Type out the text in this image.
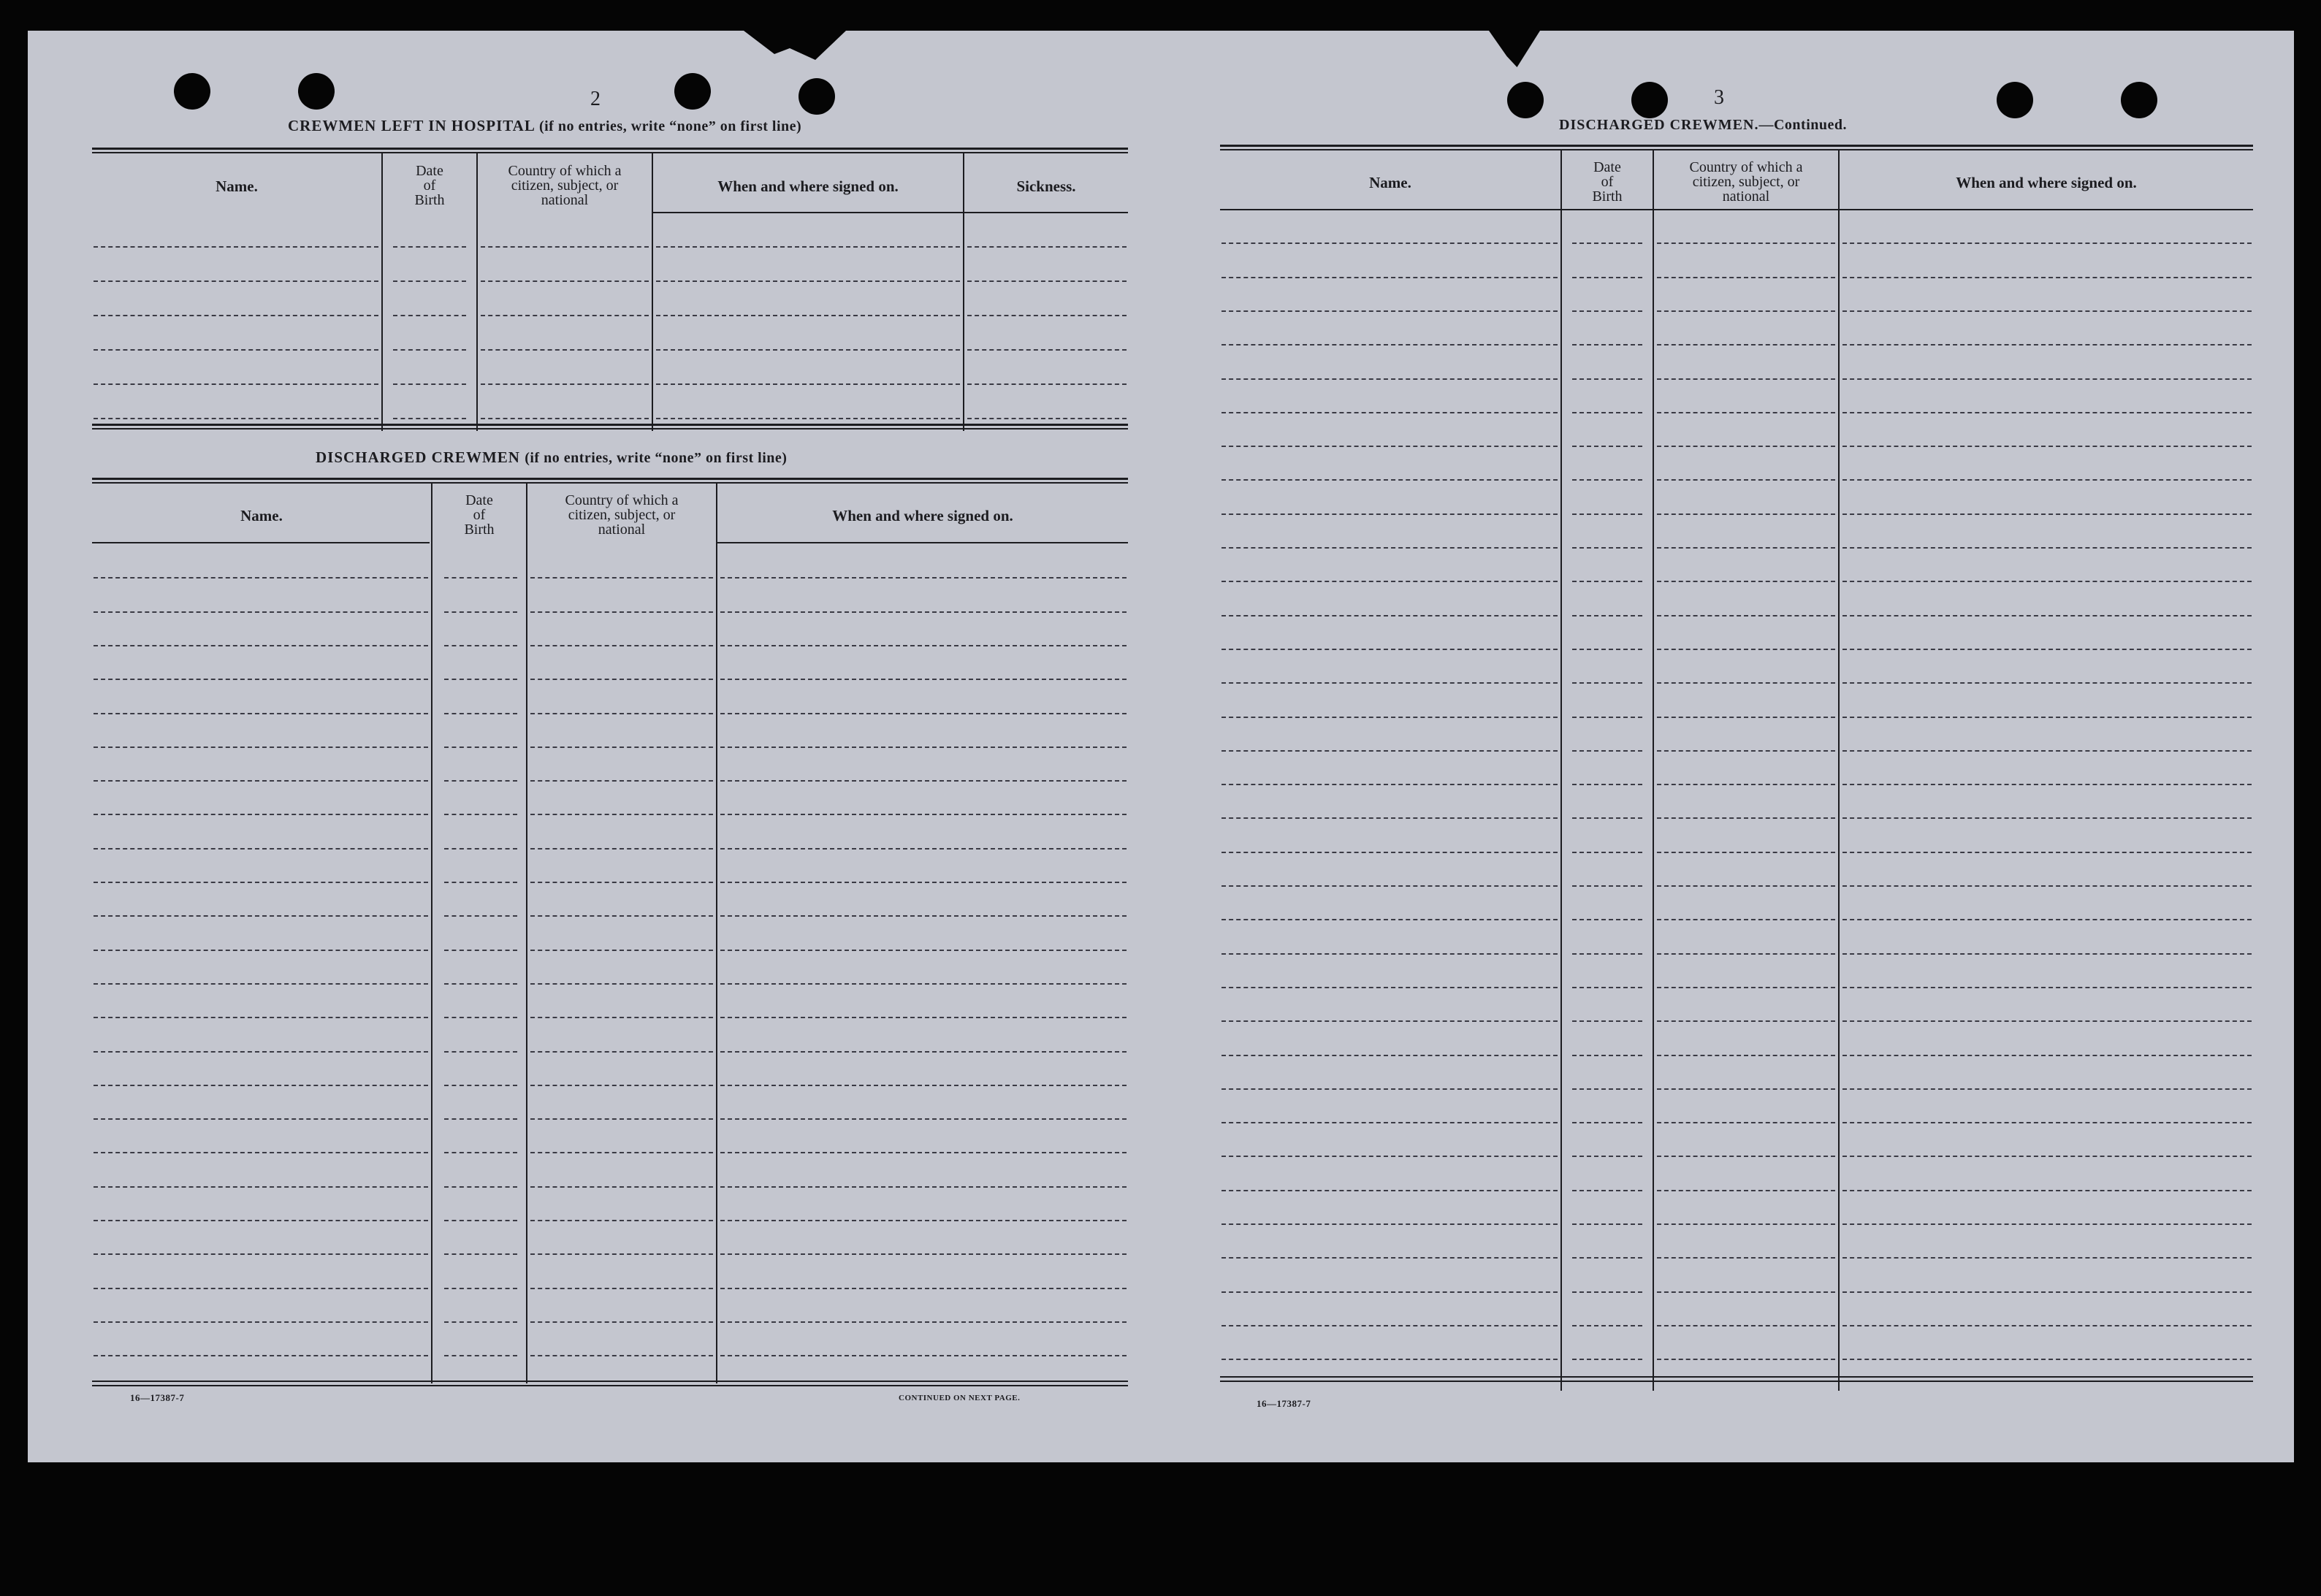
2
CREWMEN LEFT IN HOSPITAL (if no entries, write “none” on first line)
Name.
Date of Birth
Country of which a citizen, subject, or national
When and where signed on.	Sickness.
DISCHARGED CREWMEN (if no entries, write “none” on first line)
Name.
Date of Birth
Country of which a citizen, subject, or national
When and where signed on.
16—17387-7	CONTINUED ON NEXT PAGE.
3
DISCHARGED CREWMEN.—Continued.
Name.
Date of Birth
Country of which a citizen, subject, or national
When and where signed on.
16—17387-7
